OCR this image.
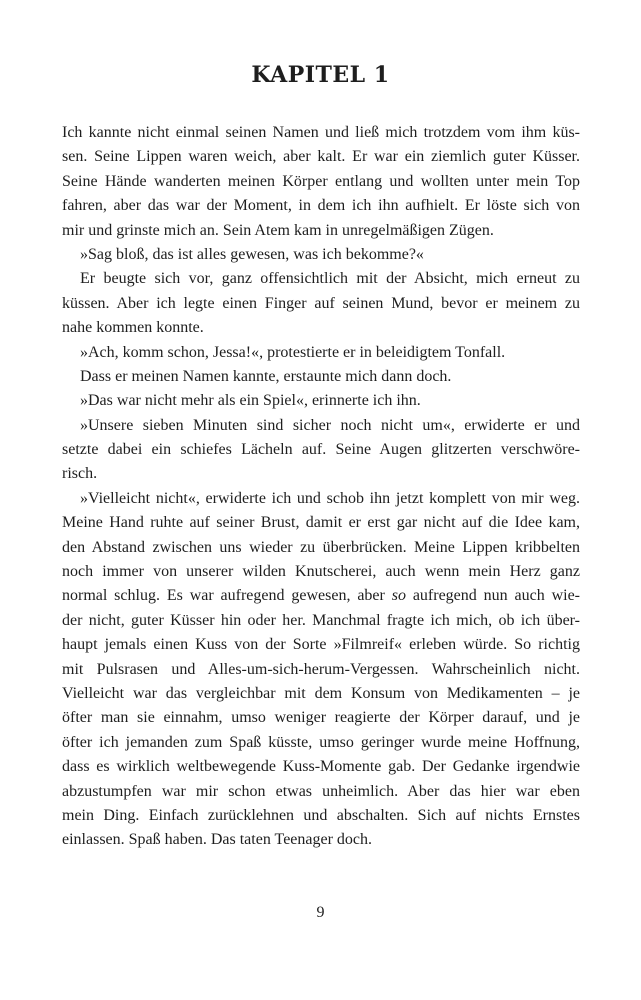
KAPITEL 1
Ich kannte nicht einmal seinen Namen und ließ mich trotzdem vom ihm küs-
sen. Seine Lippen waren weich, aber kalt. Er war ein ziemlich guter Küsser.
Seine Hände wanderten meinen Körper entlang und wollten unter mein Top
fahren, aber das war der Moment, in dem ich ihn aufhielt. Er löste sich von
mir und grinste mich an. Sein Atem kam in unregelmäßigen Zügen.
»Sag bloß, das ist alles gewesen, was ich bekomme?«
Er beugte sich vor, ganz offensichtlich mit der Absicht, mich erneut zu
küssen. Aber ich legte einen Finger auf seinen Mund, bevor er meinem zu
nahe kommen konnte.
»Ach, komm schon, Jessa!«, protestierte er in beleidigtem Tonfall.
Dass er meinen Namen kannte, erstaunte mich dann doch.
»Das war nicht mehr als ein Spiel«, erinnerte ich ihn.
»Unsere sieben Minuten sind sicher noch nicht um«, erwiderte er und
setzte dabei ein schiefes Lächeln auf. Seine Augen glitzerten verschwöre-
risch.
»Vielleicht nicht«, erwiderte ich und schob ihn jetzt komplett von mir weg.
Meine Hand ruhte auf seiner Brust, damit er erst gar nicht auf die Idee kam,
den Abstand zwischen uns wieder zu überbrücken. Meine Lippen kribbelten
noch immer von unserer wilden Knutscherei, auch wenn mein Herz ganz
normal schlug. Es war aufregend gewesen, aber so aufregend nun auch wie-
der nicht, guter Küsser hin oder her. Manchmal fragte ich mich, ob ich über-
haupt jemals einen Kuss von der Sorte »Filmreif« erleben würde. So richtig
mit Pulsrasen und Alles-um-sich-herum-Vergessen. Wahrscheinlich nicht.
Vielleicht war das vergleichbar mit dem Konsum von Medikamenten – je
öfter man sie einnahm, umso weniger reagierte der Körper darauf, und je
öfter ich jemanden zum Spaß küsste, umso geringer wurde meine Hoffnung,
dass es wirklich weltbewegende Kuss-Momente gab. Der Gedanke irgendwie
abzustumpfen war mir schon etwas unheimlich. Aber das hier war eben
mein Ding. Einfach zurücklehnen und abschalten. Sich auf nichts Ernstes
einlassen. Spaß haben. Das taten Teenager doch.
9
